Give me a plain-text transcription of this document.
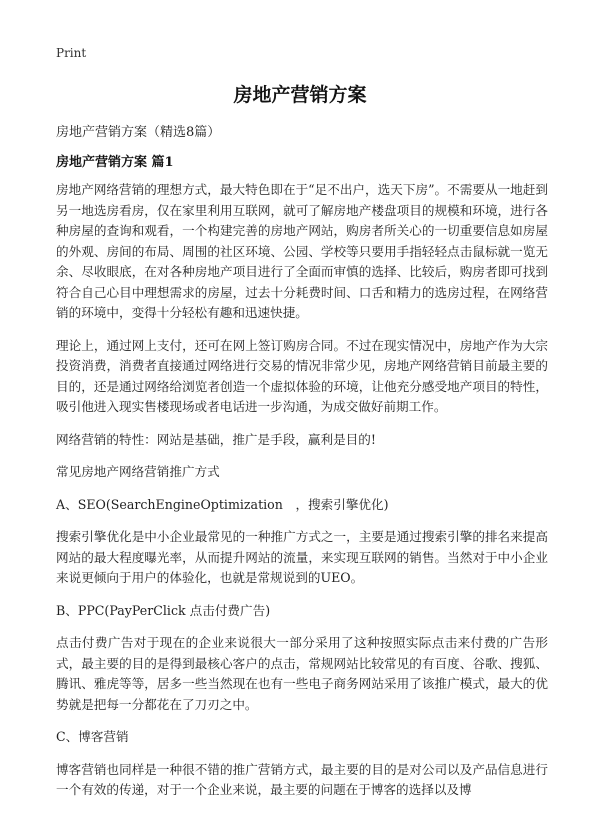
Print
房地产营销方案

房地产营销方案（精选8篇）

房地产营销方案 篇1

房地产网络营销的理想方式，最大特色即在于“足不出户，选天下房”。不需要从一地赶到另一地选房看房，仅在家里利用互联网，就可了解房地产楼盘项目的规模和环境，进行各种房屋的查询和观看，一个构建完善的房地产网站，购房者所关心的一切重要信息如房屋的外观、房间的布局、周围的社区环境、公园、学校等只要用手指轻轻点击鼠标就一览无余、尽收眼底，在对各种房地产项目进行了全面而审慎的选择、比较后，购房者即可找到符合自己心目中理想需求的房屋，过去十分耗费时间、口舌和精力的选房过程，在网络营销的环境中，变得十分轻松有趣和迅速快捷。

理论上，通过网上支付，还可在网上签订购房合同。不过在现实情况中，房地产作为大宗投资消费，消费者直接通过网络进行交易的情况非常少见，房地产网络营销目前最主要的目的，还是通过网络给浏览者创造一个虚拟体验的环境，让他充分感受地产项目的特性，吸引他进入现实售楼现场或者电话进一步沟通，为成交做好前期工作。

网络营销的特性：网站是基础，推广是手段，赢利是目的!

常见房地产网络营销推广方式

A、SEO(SearchEngineOptimization　，搜索引擎优化)

搜索引擎优化是中小企业最常见的一种推广方式之一，主要是通过搜索引擎的排名来提高网站的最大程度曝光率，从而提升网站的流量，来实现互联网的销售。当然对于中小企业来说更倾向于用户的体验化，也就是常规说到的UEO。

B、PPC(PayPerClick 点击付费广告)

点击付费广告对于现在的企业来说很大一部分采用了这种按照实际点击来付费的广告形式，最主要的目的是得到最核心客户的点击，常规网站比较常见的有百度、谷歌、搜狐、腾讯、雅虎等等，居多一些当然现在也有一些电子商务网站采用了该推广模式，最大的优势就是把每一分都花在了刀刃之中。

C、博客营销

博客营销也同样是一种很不错的推广营销方式，最主要的目的是对公司以及产品信息进行一个有效的传递，对于一个企业来说，最主要的问题在于博客的选择以及博
